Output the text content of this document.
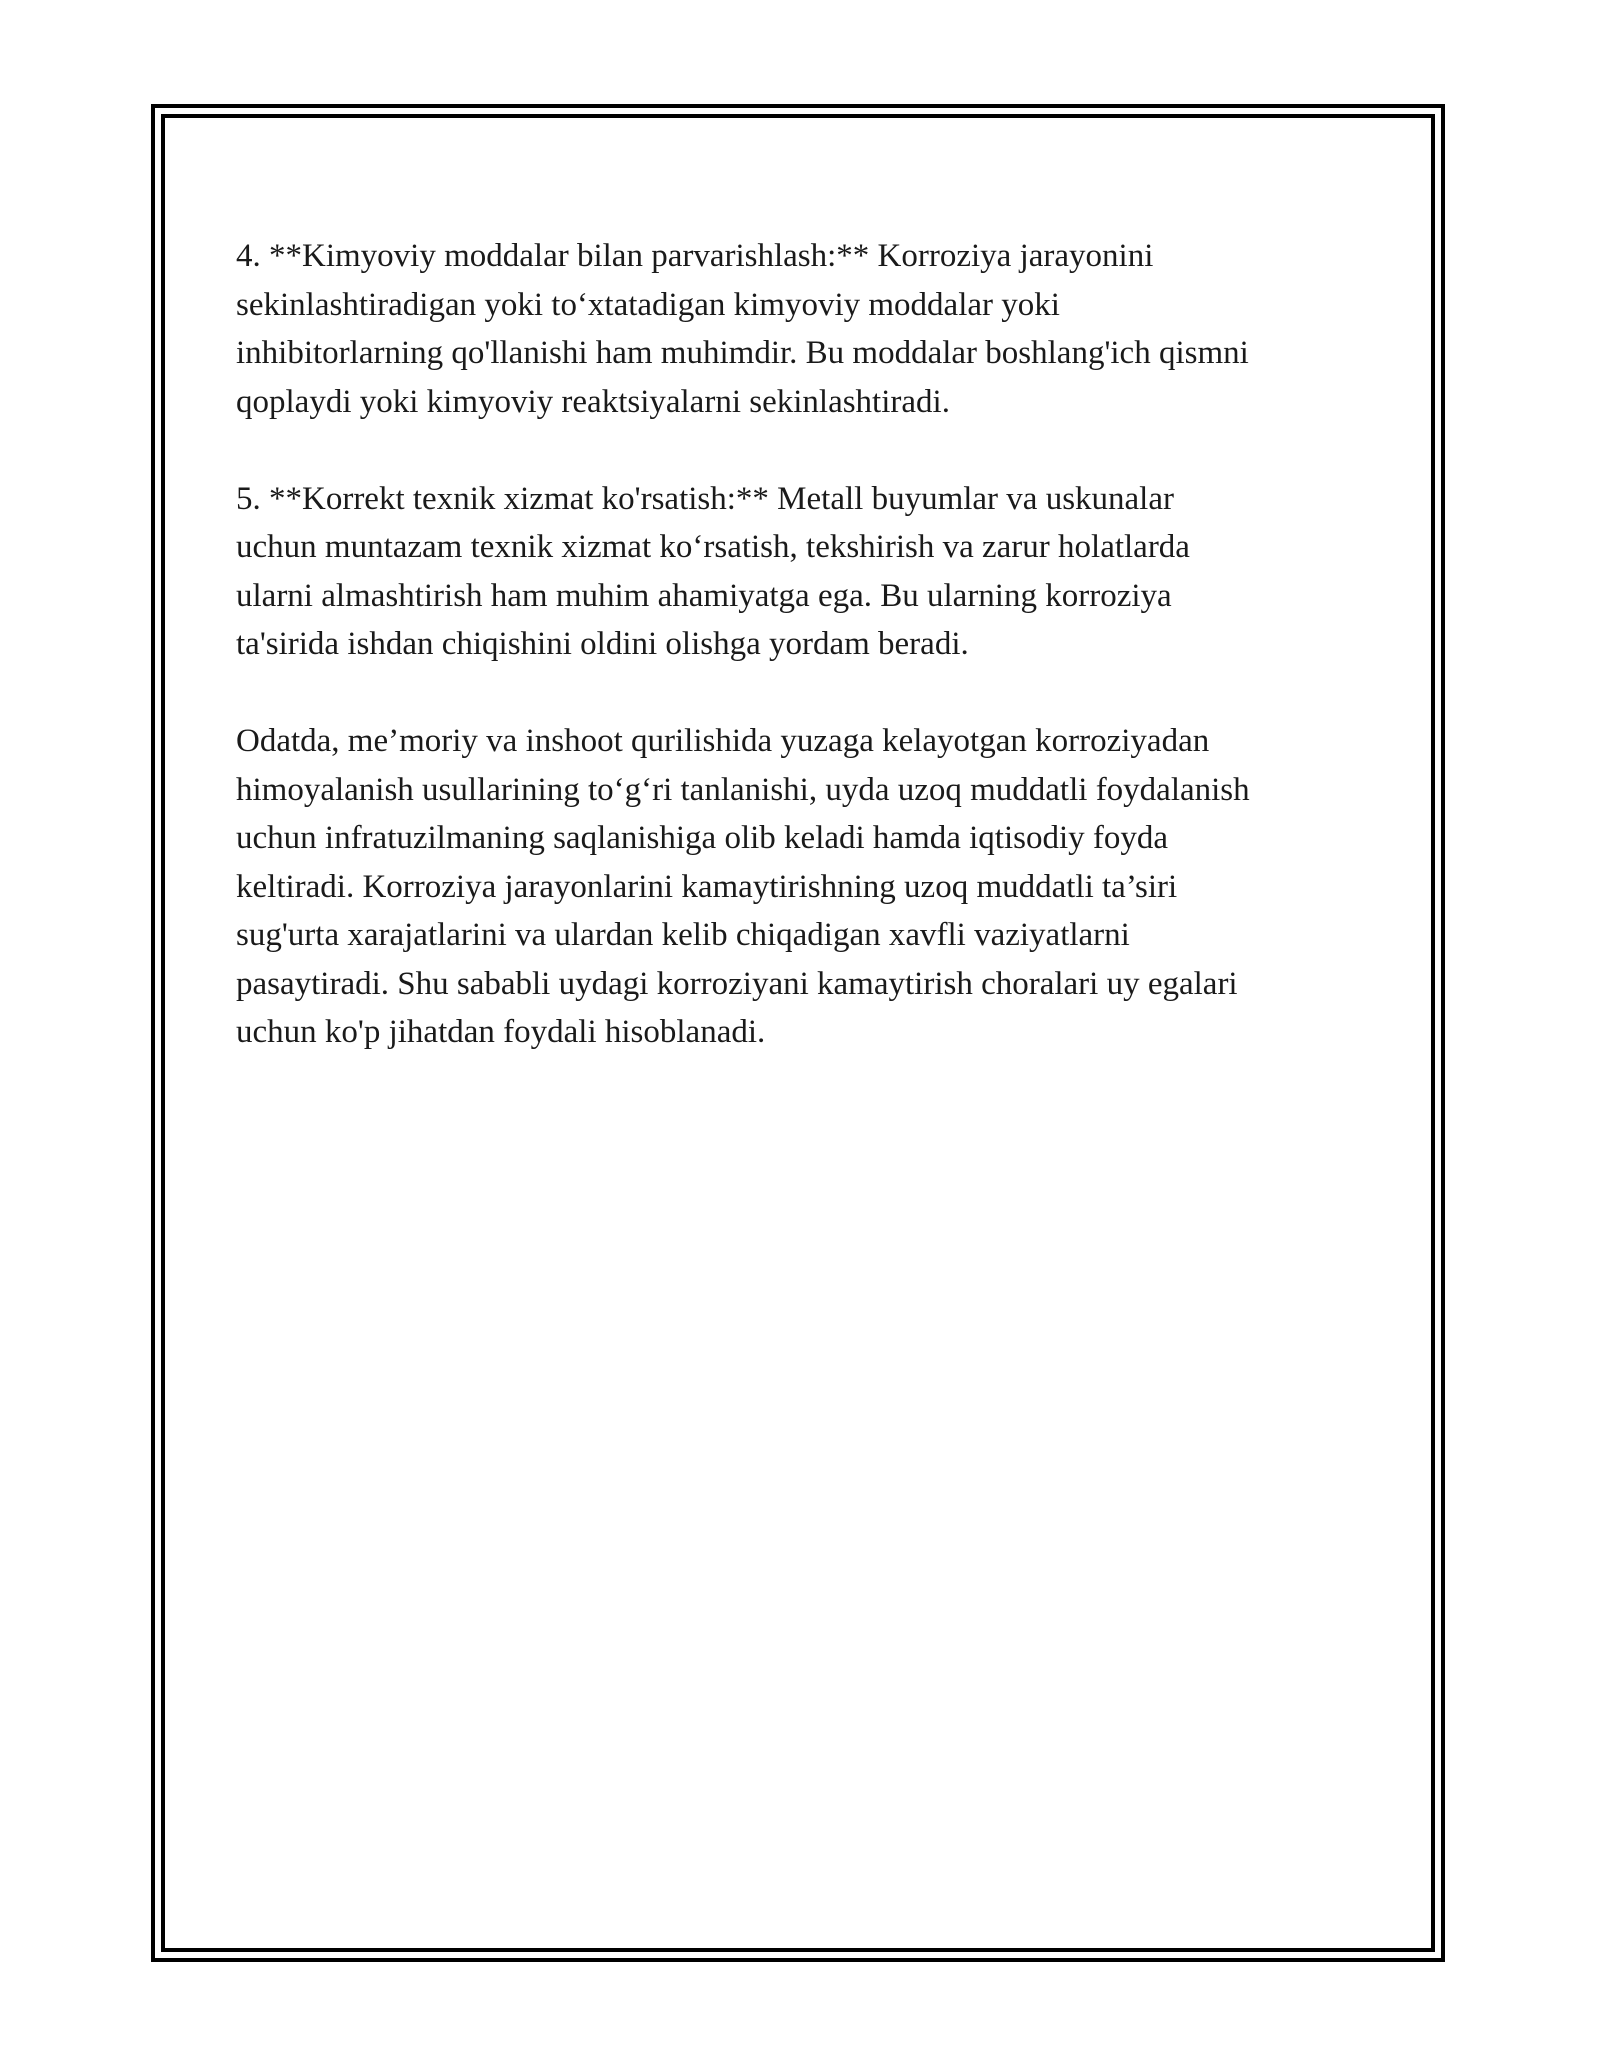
4. **Kimyoviy moddalar bilan parvarishlash:** Korroziya jarayonini
sekinlashtiradigan yoki to‘xtatadigan kimyoviy moddalar yoki
inhibitorlarning qo'llanishi ham muhimdir. Bu moddalar boshlang'ich qismni
qoplaydi yoki kimyoviy reaktsiyalarni sekinlashtiradi.

5. **Korrekt texnik xizmat ko'rsatish:** Metall buyumlar va uskunalar
uchun muntazam texnik xizmat ko‘rsatish, tekshirish va zarur holatlarda
ularni almashtirish ham muhim ahamiyatga ega. Bu ularning korroziya
ta'sirida ishdan chiqishini oldini olishga yordam beradi.

Odatda, me’moriy va inshoot qurilishida yuzaga kelayotgan korroziyadan
himoyalanish usullarining to‘g‘ri tanlanishi, uyda uzoq muddatli foydalanish
uchun infratuzilmaning saqlanishiga olib keladi hamda iqtisodiy foyda
keltiradi. Korroziya jarayonlarini kamaytirishning uzoq muddatli ta’siri
sug'urta xarajatlarini va ulardan kelib chiqadigan xavfli vaziyatlarni
pasaytiradi. Shu sababli uydagi korroziyani kamaytirish choralari uy egalari
uchun ko'p jihatdan foydali hisoblanadi.
